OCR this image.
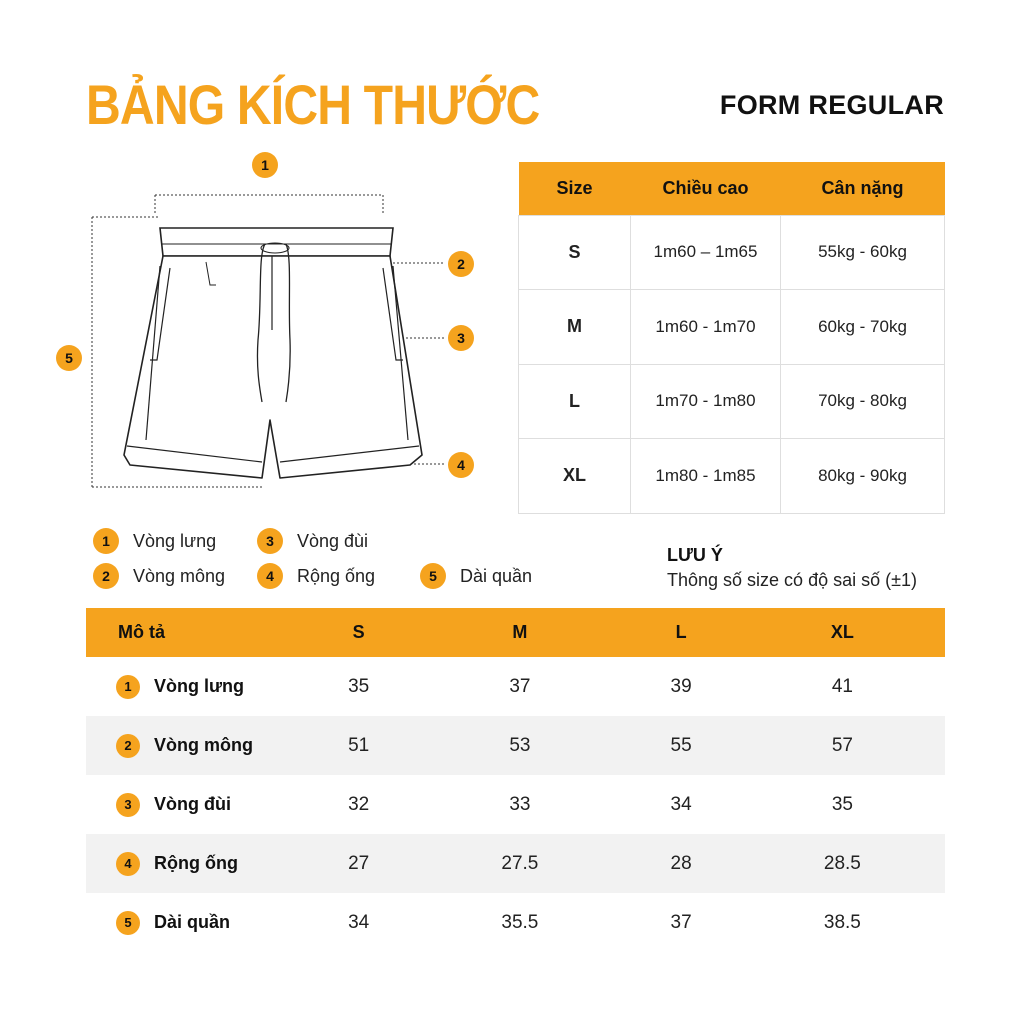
BẢNG KÍCH THƯỚC	FORM REGULAR
1
2
3
4
5
Size	Chiều cao	Cân nặng
S	1m60 – 1m65	55kg - 60kg
M	1m60 - 1m70	60kg - 70kg
L	1m70 - 1m80	70kg - 80kg
XL	1m80 - 1m85	80kg - 90kg
1	Vòng lưng
2	Vòng mông
3	Vòng đùi
4	Rộng ống	5	Dài quần
LƯU Ý
Thông số size có độ sai số (±1)
Mô tả	S	M	L	XL

1 Vòng lưng	35	37	39	41

2 Vòng mông	51	53	55	57

3 Vòng đùi	32	33	34	35

4 Rộng ống	27	27.5	28	28.5

5 Dài quần	34	35.5	37	38.5
